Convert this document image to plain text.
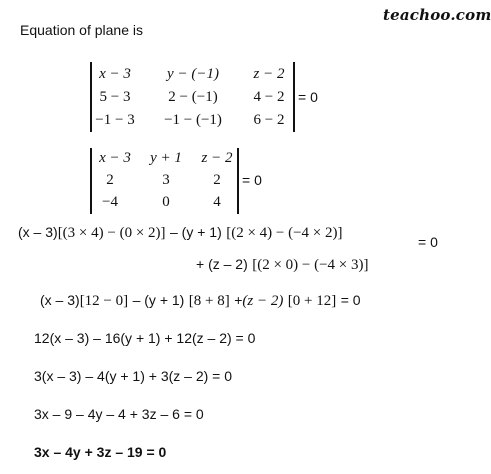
teachoo.com
Equation of plane is
x − 3	y − (−1)	z − 2
5 − 3	2 − (−1)	4 − 2
−1 − 3	−1 − (−1)	6 − 2
= 0
x − 3	y + 1	z − 2
2	3	2
−4	0	4
= 0
(x – 3)[(3 × 4) − (0 × 2)] – (y + 1) [(2 × 4) − (−4 × 2)]
= 0
+ (z – 2) [(2 × 0) − (−4 × 3)]
(x – 3)[12 − 0] – (y + 1) [8 + 8] +(z − 2) [0 + 12] = 0
12(x – 3) – 16(y + 1) + 12(z – 2) = 0
3(x – 3) – 4(y + 1) + 3(z – 2) = 0
3x – 9 – 4y – 4 + 3z – 6 = 0
3x – 4y + 3z – 19 = 0
